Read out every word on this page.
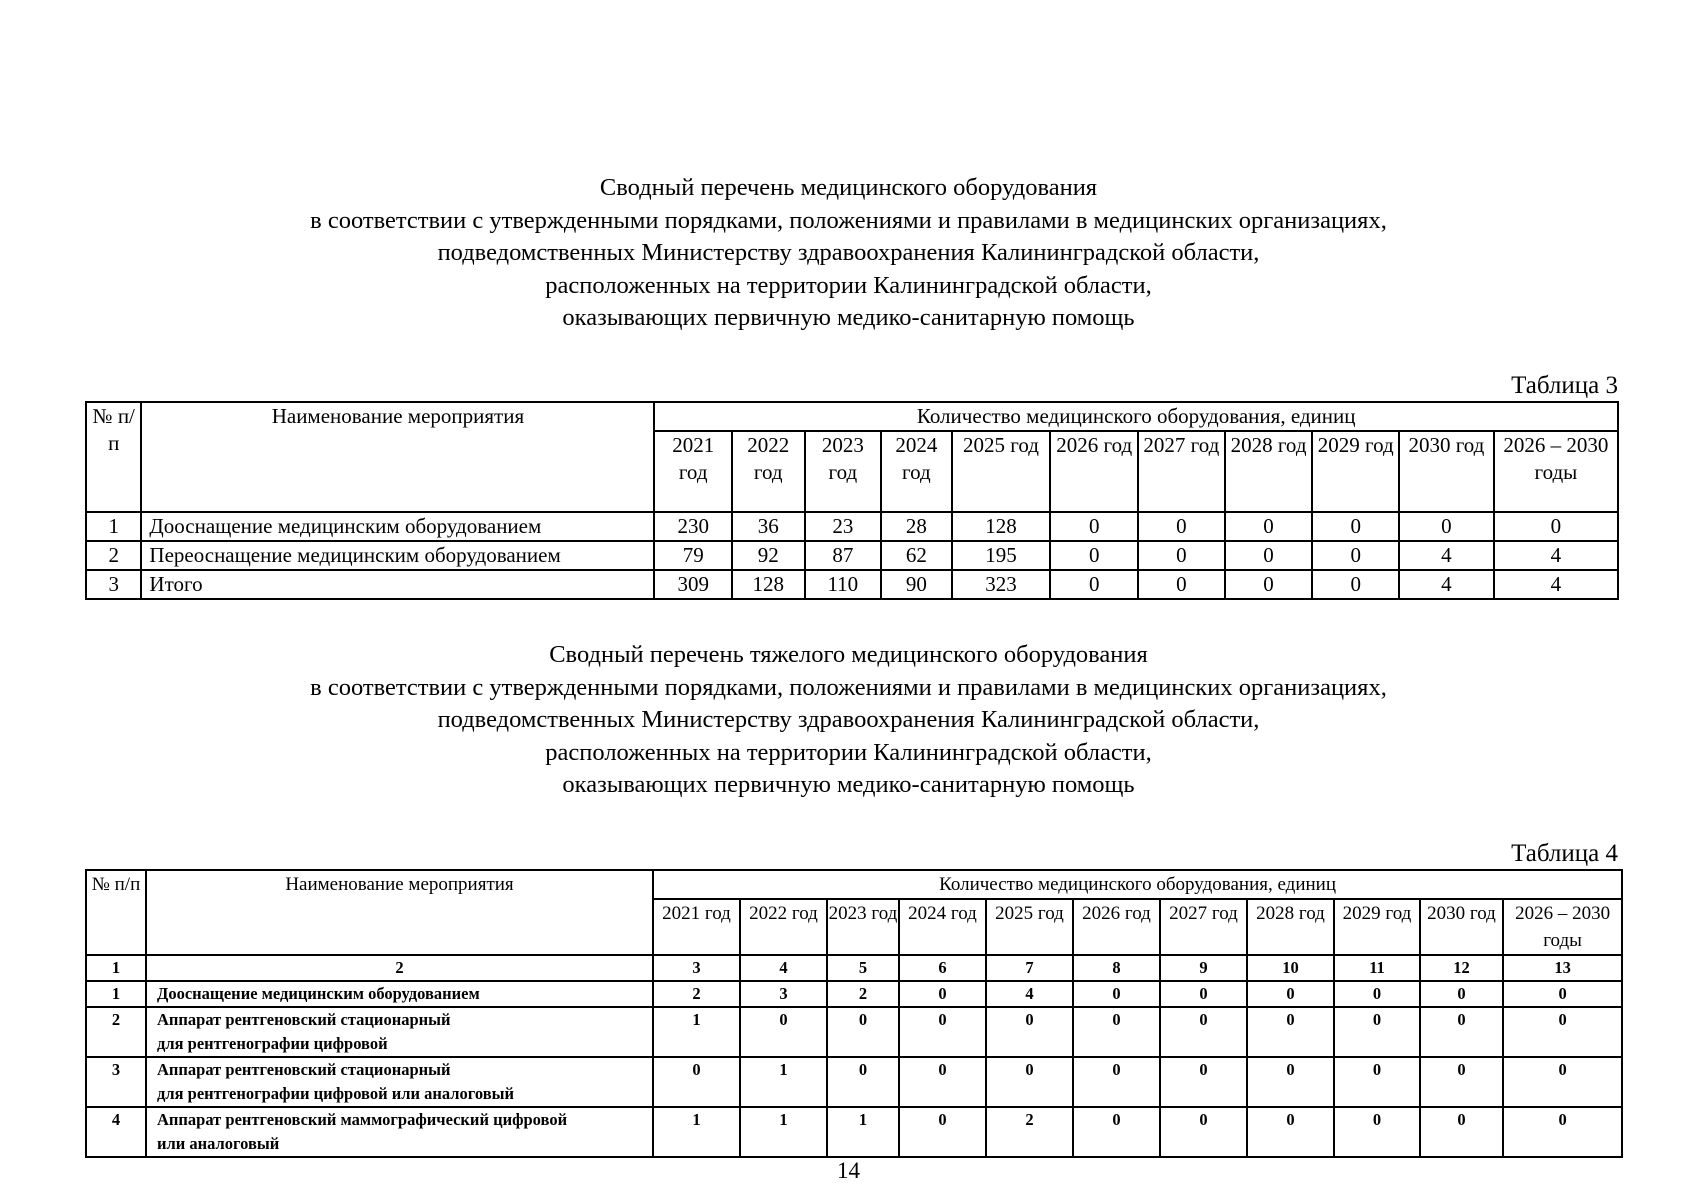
Сводный перечень медицинского оборудования
в соответствии с утвержденными порядками, положениями и правилами в медицинских организациях,
подведомственных Министерству здравоохранения Калининградской области,
расположенных на территории Калининградской области,
оказывающих первичную медико-санитарную помощь
Таблица 3
№ п/п	Наименование мероприятия	Количество медицинского оборудования, единиц										
		2021 год	2022 год	2023 год	2024 год	2025 год	2026 год	2027 год	2028 год	2029 год	2030 год	2026 – 2030 годы
1	Дооснащение медицинским оборудованием	230	36	23	28	128	0	0	0	0	0	0
2	Переоснащение медицинским оборудованием	79	92	87	62	195	0	0	0	0	4	4
3	Итого	309	128	110	90	323	0	0	0	0	4	4
Сводный перечень тяжелого медицинского оборудования
в соответствии с утвержденными порядками, положениями и правилами в медицинских организациях,
подведомственных Министерству здравоохранения Калининградской области,
расположенных на территории Калининградской области,
оказывающих первичную медико-санитарную помощь
Таблица 4
№ п/п	Наименование мероприятия	Количество медицинского оборудования, единиц										
		2021 год	2022 год	2023 год	2024 год	2025 год	2026 год	2027 год	2028 год	2029 год	2030 год	2026 – 2030 годы
1	2	3	4	5	6	7	8	9	10	11	12	13
1	Дооснащение медицинским оборудованием	2	3	2	0	4	0	0	0	0	0	0
2	Аппарат рентгеновский стационарный
для рентгенографии цифровой	1	0	0	0	0	0	0	0	0	0	0
3	Аппарат рентгеновский стационарный
для рентгенографии цифровой или аналоговый	0	1	0	0	0	0	0	0	0	0	0
4	Аппарат рентгеновский маммографический цифровой
или аналоговый	1	1	1	0	2	0	0	0	0	0	0
14
